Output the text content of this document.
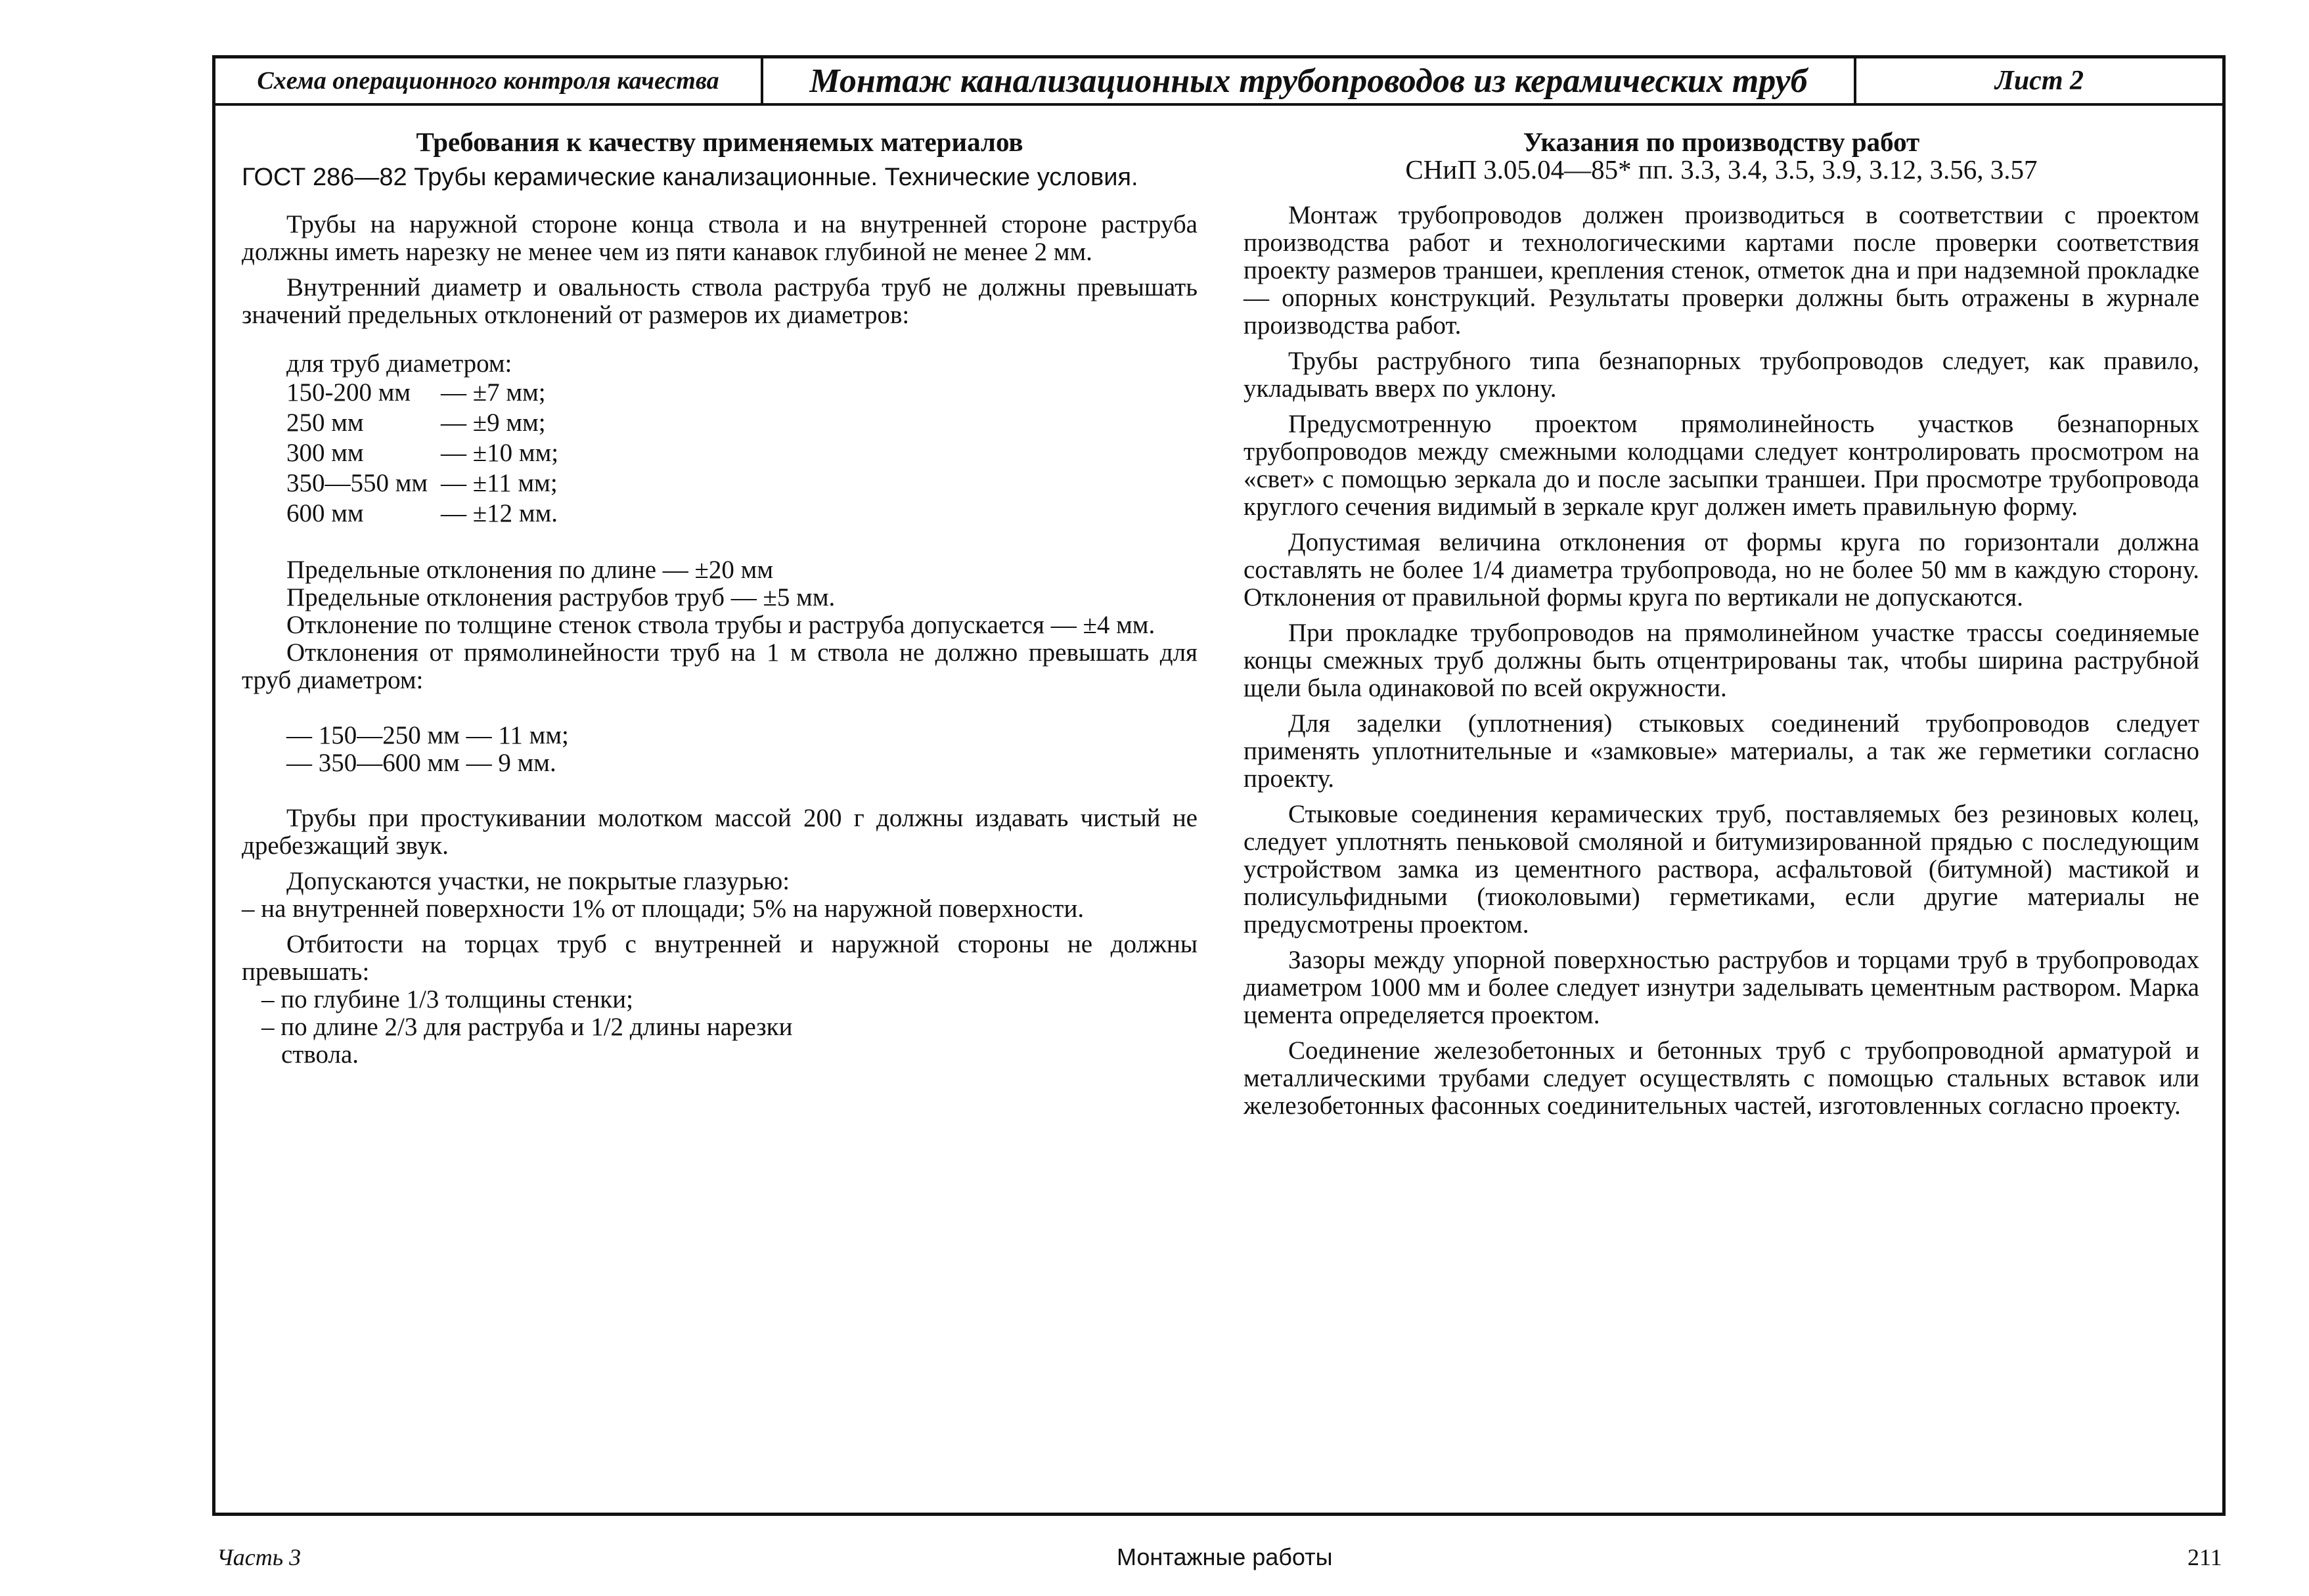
Схема операционного контроля качества	Монтаж канализационных трубопроводов из керамических труб	Лист 2

Требования к качеству применяемых материалов

ГОСТ 286—82 Трубы керамические канализационные. Технические условия.

Трубы на наружной стороне конца ствола и на внутренней стороне раструба должны иметь нарезку не менее чем из пяти канавок глубиной не менее 2 мм.

Внутренний диаметр и овальность ствола раструба труб не должны превышать значений предельных отклонений от размеров их диаметров:

для труб диаметром:

150-200 мм	— ±7 мм;
250 мм	— ±9 мм;
300 мм	— ±10 мм;
350—550 мм	— ±11 мм;
600 мм	— ±12 мм.

Предельные отклонения по длине — ±20 мм

Предельные отклонения раструбов труб — ±5 мм.

Отклонение по толщине стенок ствола трубы и раструба допускается — ±4 мм.

Отклонения от прямолинейности труб на 1 м ствола не должно превышать для труб диаметром:

— 150—250 мм — 11 мм;

— 350—600 мм — 9 мм.

Трубы при простукивании молотком массой 200 г должны издавать чистый не дребезжащий звук.

Допускаются участки, не покрытые глазурью:

– на внутренней поверхности 1% от площади; 5% на наружной поверхности.

Отбитости на торцах труб с внутренней и наружной стороны не должны превышать:

– по глубине 1/3 толщины стенки;

– по длине 2/3 для раструба и 1/2 длины нарезки ствола.

Указания по производству работ

СНиП 3.05.04—85* пп. 3.3, 3.4, 3.5, 3.9, 3.12, 3.56, 3.57

Монтаж трубопроводов должен производиться в соответствии с проектом производства работ и технологическими картами после проверки соответствия проекту размеров траншеи, крепления стенок, отметок дна и при надземной прокладке — опорных конструкций. Результаты проверки должны быть отражены в журнале производства работ.

Трубы раструбного типа безнапорных трубопроводов следует, как правило, укладывать вверх по уклону.

Предусмотренную проектом прямолинейность участков безнапорных трубопроводов между смежными колодцами следует контролировать просмотром на «свет» с помощью зеркала до и после засыпки траншеи. При просмотре трубопровода круглого сечения видимый в зеркале круг должен иметь правильную форму.

Допустимая величина отклонения от формы круга по горизонтали должна составлять не более 1/4 диаметра трубопровода, но не более 50 мм в каждую сторону. Отклонения от правильной формы круга по вертикали не допускаются.

При прокладке трубопроводов на прямолинейном участке трассы соединяемые концы смежных труб должны быть отцентрированы так, чтобы ширина раструбной щели была одинаковой по всей окружности.

Для заделки (уплотнения) стыковых соединений трубопроводов следует применять уплотнительные и «замковые» материалы, а так же герметики согласно проекту.

Стыковые соединения керамических труб, поставляемых без резиновых колец, следует уплотнять пеньковой смоляной и битумизированной прядью с последующим устройством замка из цементного раствора, асфальтовой (битумной) мастикой и полисульфидными (тиоколовыми) герметиками, если другие материалы не предусмотрены проектом.

Зазоры между упорной поверхностью раструбов и торцами труб в трубопроводах диаметром 1000 мм и более следует изнутри заделывать цементным раствором. Марка цемента определяется проектом.

Соединение железобетонных и бетонных труб с трубопроводной арматурой и металлическими трубами следует осуществлять с помощью стальных вставок или железобетонных фасонных соединительных частей, изготовленных согласно проекту.

Часть 3	Монтажные работы	211
